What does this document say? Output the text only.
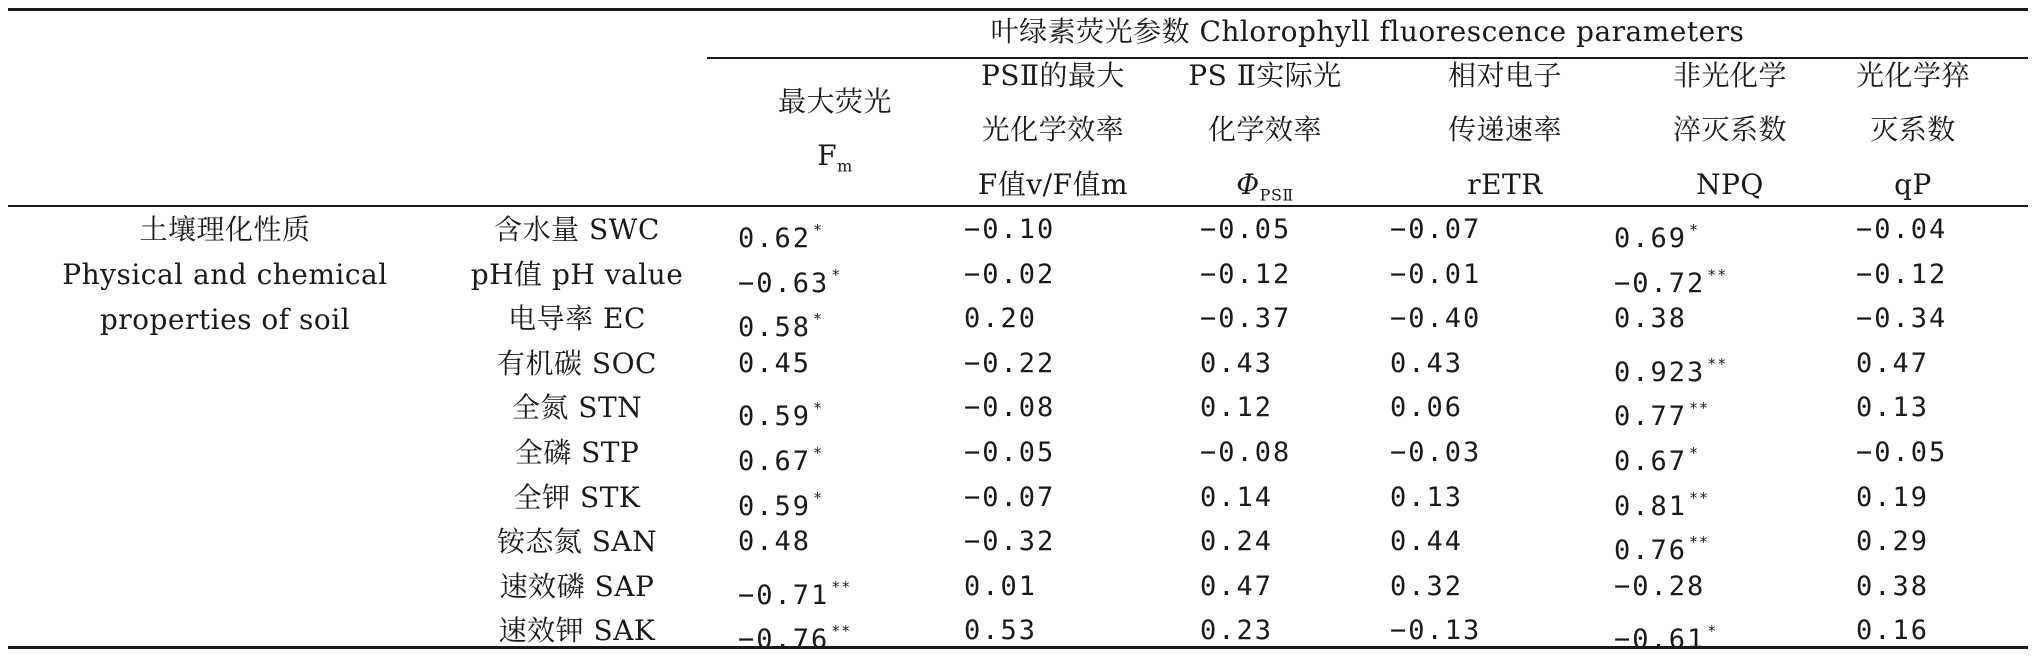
叶绿素荧光参数 Chlorophyll fluorescence parameters
最大荧光
$F_m$
PSⅡ的最大
光化学效率
F值v/F值m
PS Ⅱ实际光
化学效率
$\Phi_{PSⅡ}$
相对电子
传递速率
rETR
非光化学
淬灭系数
NPQ
光化学猝
灭系数
qP
土壤理化性质
Physical and chemical
properties of soil
含水量 SWC	0.62 *	−0.10	−0.05	−0.07	0.69 *	−0.04
pH值 pH value	−0.63 *	−0.02	−0.12	−0.01	−0.72 **	−0.12
电导率 EC	0.58 *	0.20	−0.37	−0.40	0.38	−0.34
有机碳 SOC	0.45	−0.22	0.43	0.43	0.923 **	0.47
全氮 STN	0.59 *	−0.08	0.12	0.06	0.77 **	0.13
全磷 STP	0.67 *	−0.05	−0.08	−0.03	0.67 *	−0.05
全钾 STK	0.59 *	−0.07	0.14	0.13	0.81 **	0.19
铵态氮 SAN	0.48	−0.32	0.24	0.44	0.76 **	0.29
速效磷 SAP	−0.71 **	0.01	0.47	0.32	−0.28	0.38
速效钾 SAK	−0.76 **	0.53	0.23	−0.13	−0.61 *	0.16
